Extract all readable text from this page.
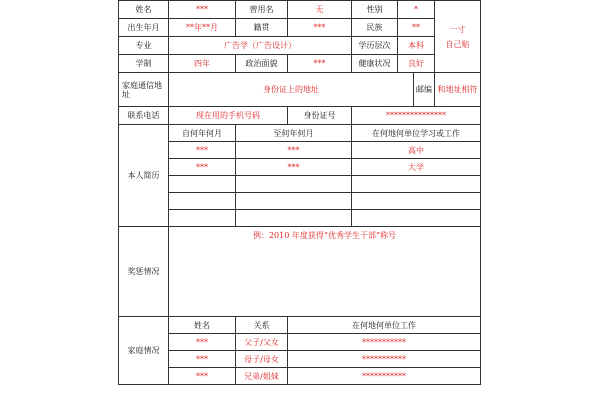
姓名	***	曾用名	无	性别	*		一寸
自己贴

出生年月	**年**月	籍贯	***	民族	**		
专业	广告学（广告设计）			学历层次	本科		
学制	四年	政治面貌	***	健康状况	良好		
家庭通信地址	身份证上的地址					邮编	和地址相符
联系电话	现在用的手机号码		身份证号	***************			
本人简历	自何年何月	至何年何月		在何地何单位学习或工作			
	***	***		高中			
	***	***		大学			

奖惩情况	例：2010 年度获得“优秀学生干部”称号						
家庭情况	姓名	关系	在何地何单位工作				
	***	父子/父女	***********				
	***	母子/母女	***********				
	***	兄弟/姐妹	***********				
